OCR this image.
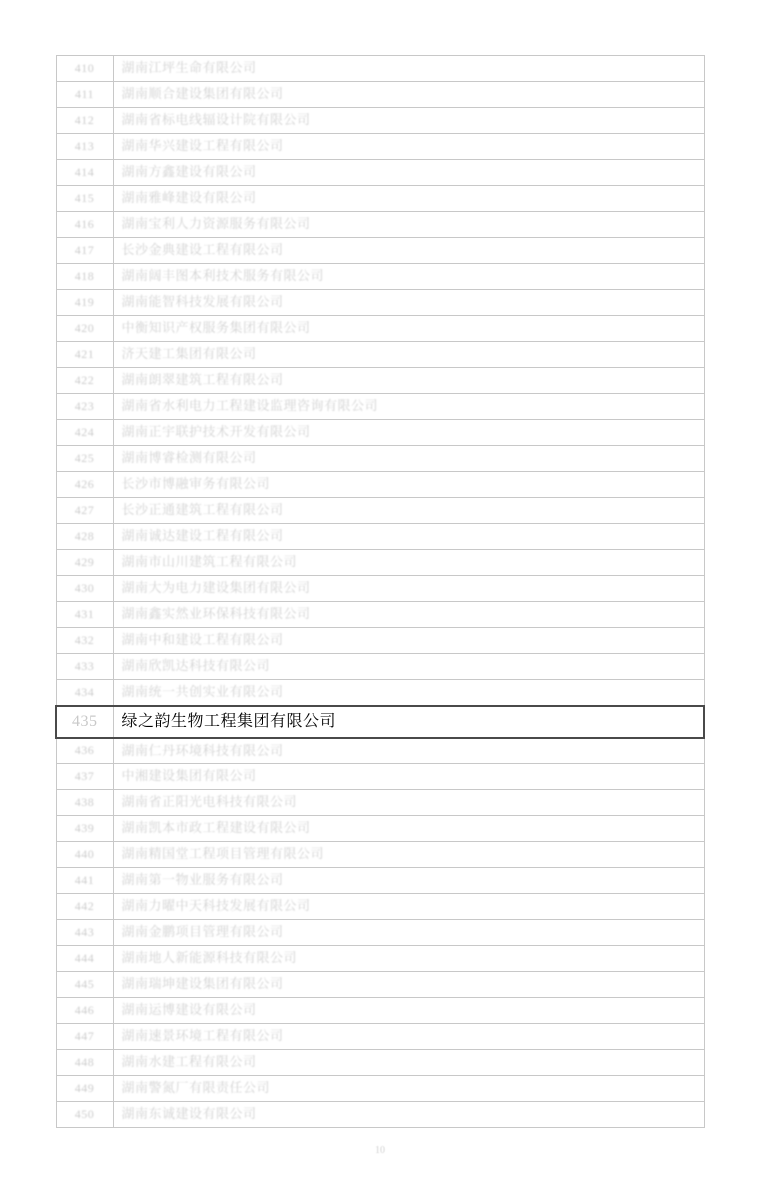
410	湖南江坪生命有限公司
411	湖南顺合建设集团有限公司
412	湖南省标电线辐设计院有限公司
413	湖南华兴建设工程有限公司
414	湖南方鑫建设有限公司
415	湖南雅峰建设有限公司
416	湖南宝利人力资源服务有限公司
417	长沙金典建设工程有限公司
418	湖南阔丰图本利技术服务有限公司
419	湖南能智科技发展有限公司
420	中衡知识产权服务集团有限公司
421	济天建工集团有限公司
422	湖南朗翠建筑工程有限公司
423	湖南省水利电力工程建设监理咨询有限公司
424	湖南正宇联护技术开发有限公司
425	湖南博睿检测有限公司
426	长沙市博融审务有限公司
427	长沙正通建筑工程有限公司
428	湖南诚达建设工程有限公司
429	湖南市山川建筑工程有限公司
430	湖南大为电力建设集团有限公司
431	湖南鑫实然业环保科技有限公司
432	湖南中和建设工程有限公司
433	湖南欣凯达科技有限公司
434	湖南统一共创实业有限公司
435	绿之韵生物工程集团有限公司
436	湖南仁丹环境科技有限公司
437	中湘建设集团有限公司
438	湖南省正阳光电科技有限公司
439	湖南凯本市政工程建设有限公司
440	湖南精国堂工程项目管理有限公司
441	湖南第一物业服务有限公司
442	湖南力曜中天科技发展有限公司
443	湖南金鹏项目管理有限公司
444	湖南地人新能源科技有限公司
445	湖南瑞坤建设集团有限公司
446	湖南运博建设有限公司
447	湖南速景环境工程有限公司
448	湖南水建工程有限公司
449	湖南警氮厂有限责任公司
450	湖南东诚建设有限公司
10
